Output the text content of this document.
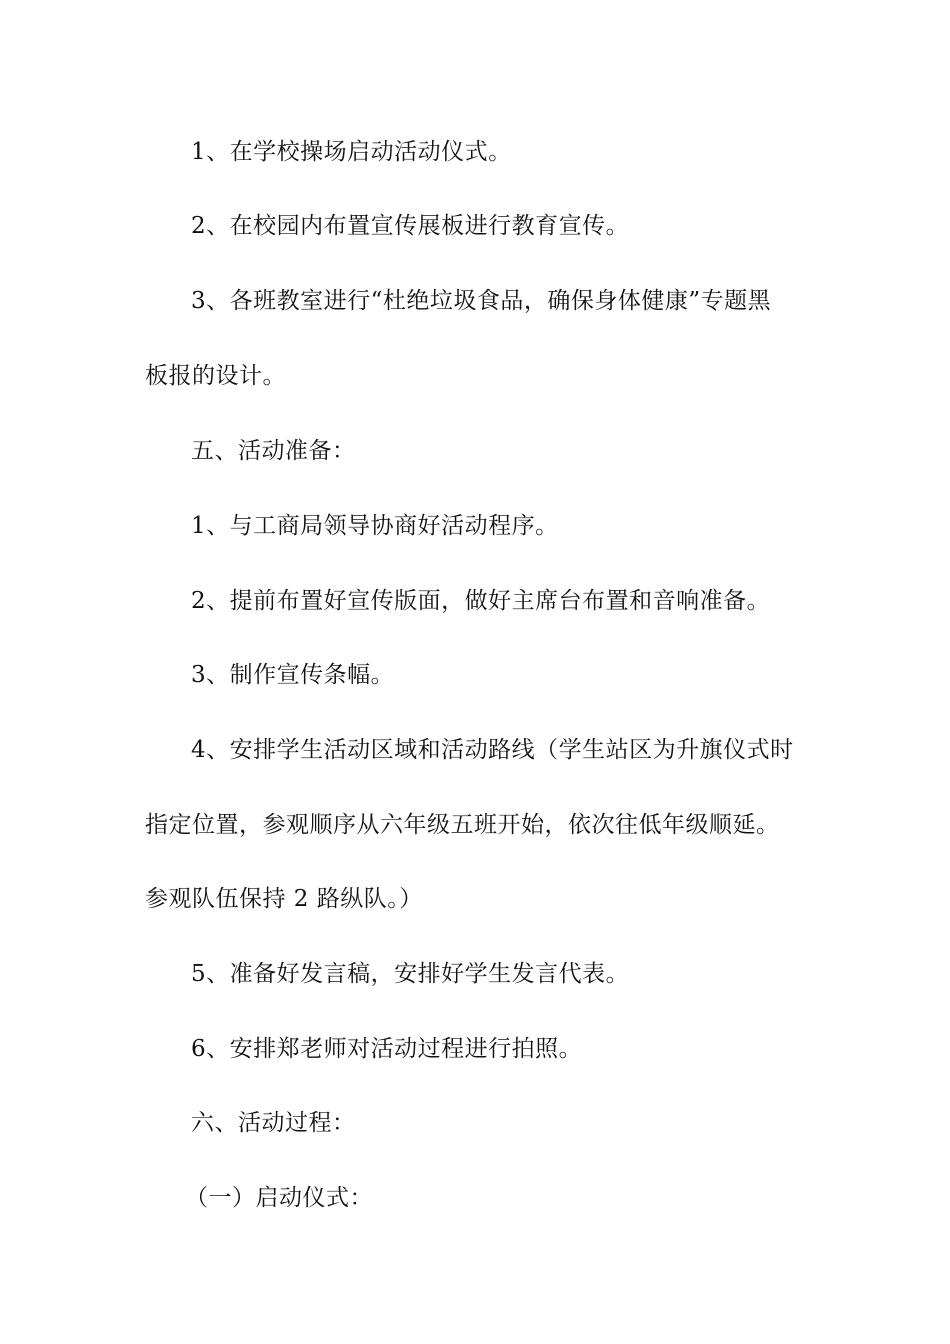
1、在学校操场启动活动仪式。
2、在校园内布置宣传展板进行教育宣传。
3、各班教室进行“杜绝垃圾食品，确保身体健康”专题黑
板报的设计。
五、活动准备：
1、与工商局领导协商好活动程序。
2、提前布置好宣传版面，做好主席台布置和音响准备。
3、制作宣传条幅。
4、安排学生活动区域和活动路线（学生站区为升旗仪式时
指定位置，参观顺序从六年级五班开始，依次往低年级顺延。
参观队伍保持 2 路纵队。）
5、准备好发言稿，安排好学生发言代表。
6、安排郑老师对活动过程进行拍照。
六、活动过程：
（一）启动仪式：
